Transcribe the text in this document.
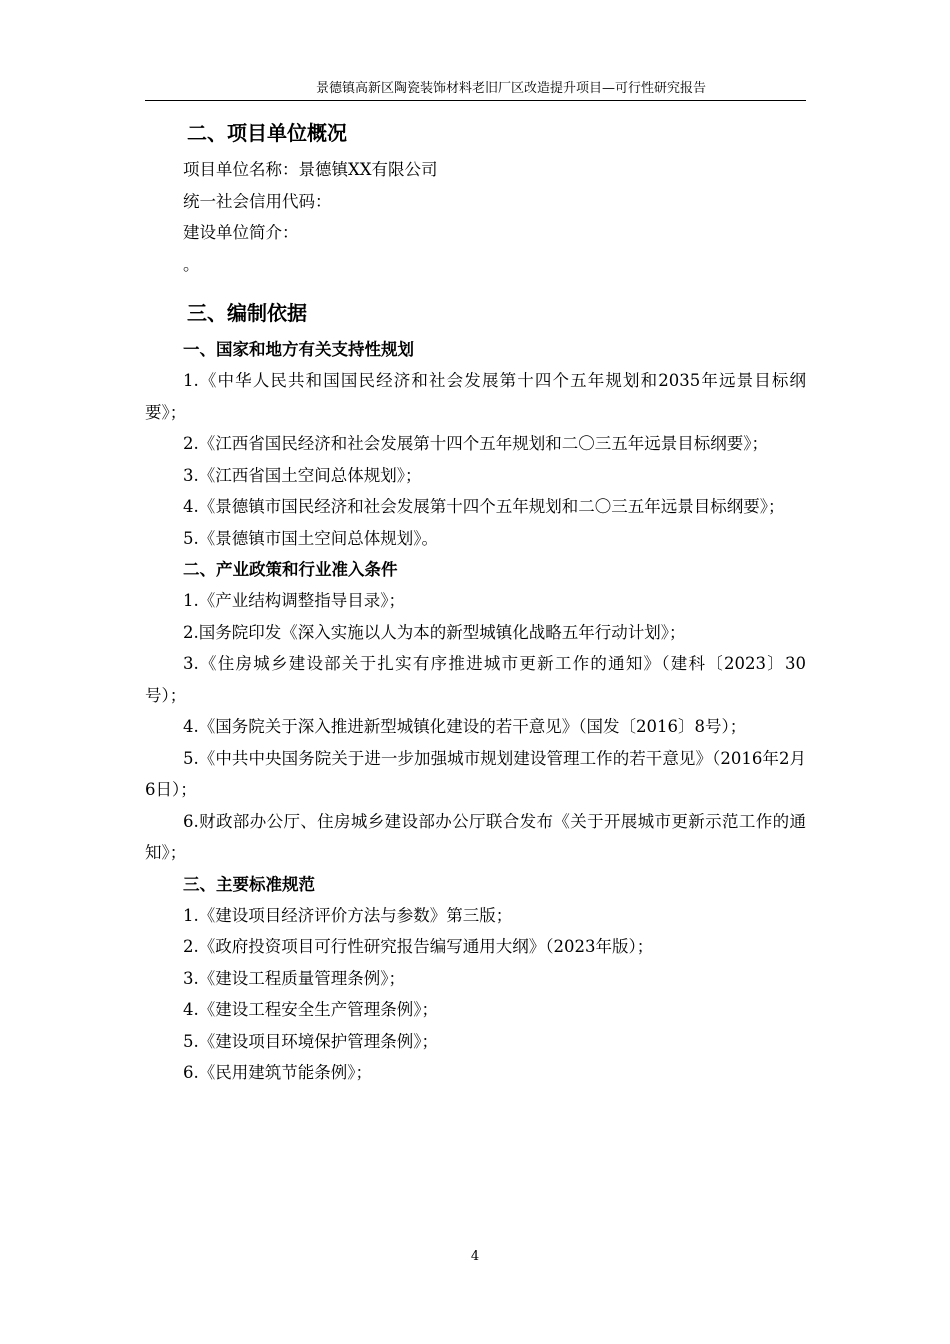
景德镇高新区陶瓷装饰材料老旧厂区改造提升项目—可行性研究报告
二、项目单位概况

项目单位名称：景德镇XX有限公司

统一社会信用代码：

建设单位简介：

。

三、编制依据
一、国家和地方有关支持性规划

1.《中华人民共和国国民经济和社会发展第十四个五年规划和2035年远景目标纲要》；

2.《江西省国民经济和社会发展第十四个五年规划和二〇三五年远景目标纲要》；

3.《江西省国土空间总体规划》；

4.《景德镇市国民经济和社会发展第十四个五年规划和二〇三五年远景目标纲要》；

5.《景德镇市国土空间总体规划》。

二、产业政策和行业准入条件

1.《产业结构调整指导目录》；

2.国务院印发《深入实施以人为本的新型城镇化战略五年行动计划》；

3.《住房城乡建设部关于扎实有序推进城市更新工作的通知》（建科〔2023〕30号）；

4.《国务院关于深入推进新型城镇化建设的若干意见》（国发〔2016〕8号）；

5.《中共中央国务院关于进一步加强城市规划建设管理工作的若干意见》（2016年2月6日）；

6.财政部办公厅、住房城乡建设部办公厅联合发布《关于开展城市更新示范工作的通知》；

三、主要标准规范

1.《建设项目经济评价方法与参数》第三版；

2.《政府投资项目可行性研究报告编写通用大纲》（2023年版）；

3.《建设工程质量管理条例》；

4.《建设工程安全生产管理条例》；

5.《建设项目环境保护管理条例》；

6.《民用建筑节能条例》；

4
